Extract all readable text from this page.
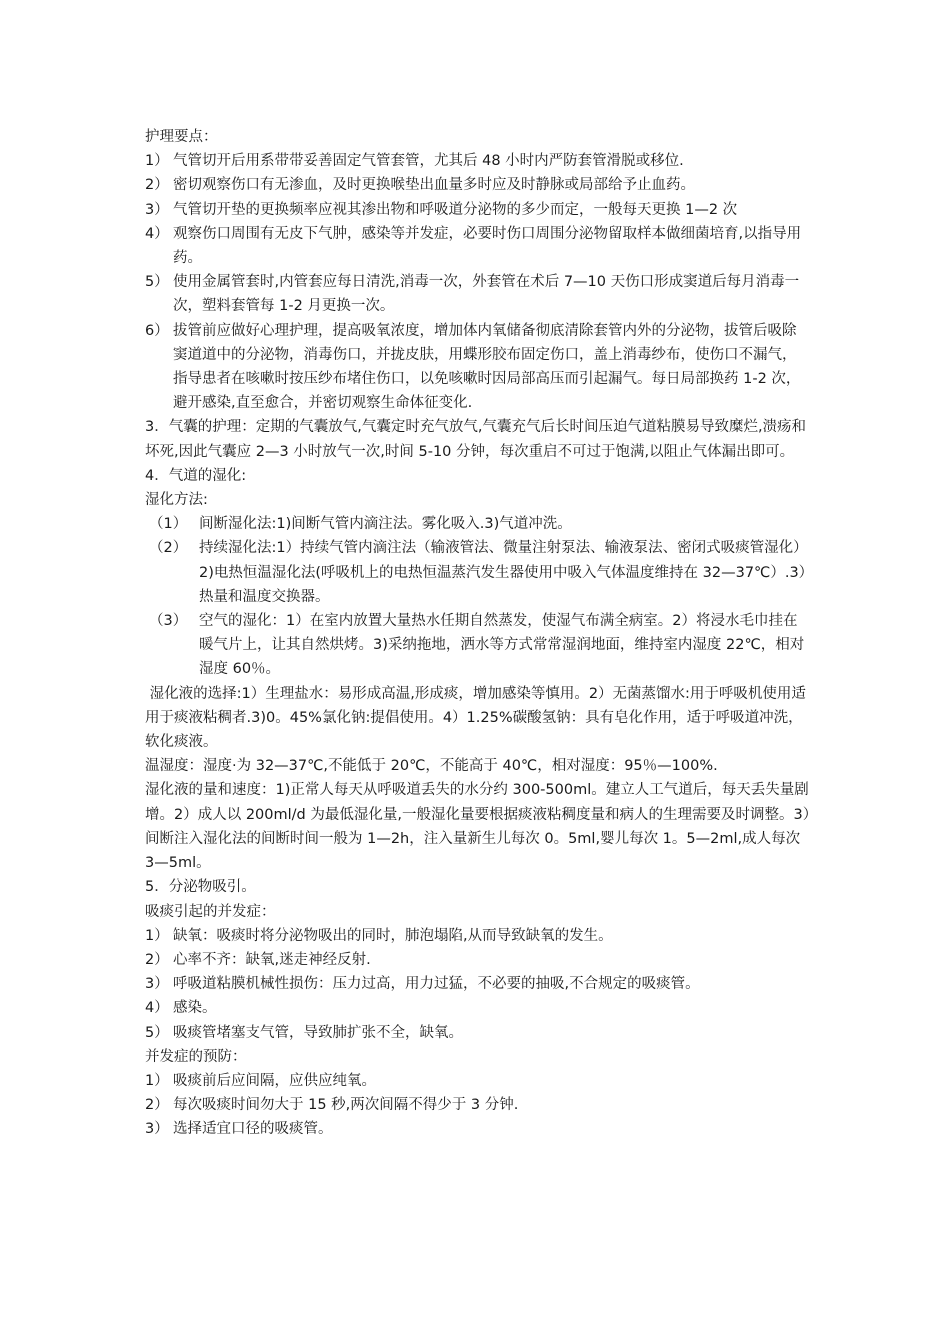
护理要点：
1） 气管切开后用系带带妥善固定气管套管，尤其后 48 小时内严防套管滑脱或移位.
2） 密切观察伤口有无渗血，及时更换喉垫出血量多时应及时静脉或局部给予止血药。
3） 气管切开垫的更换频率应视其渗出物和呼吸道分泌物的多少而定，一般每天更换 1—2 次
4） 观察伤口周围有无皮下气肿，感染等并发症，必要时伤口周围分泌物留取样本做细菌培育,以指导用药。
5） 使用金属管套时,内管套应每日清洗,消毒一次，外套管在术后 7—10 天伤口形成窦道后每月消毒一次，塑料套管每 1-2 月更换一次。
6） 拔管前应做好心理护理，提高吸氧浓度，增加体内氧储备彻底清除套管内外的分泌物，拔管后吸除窦道道中的分泌物，消毒伤口，并拢皮肤，用蝶形胶布固定伤口，盖上消毒纱布，使伤口不漏气，指导患者在咳嗽时按压纱布堵住伤口，以免咳嗽时因局部高压而引起漏气。每日局部换药 1-2 次，避开感染,直至愈合，并密切观察生命体征变化.
3．气囊的护理：定期的气囊放气,气囊定时充气放气,气囊充气后长时间压迫气道粘膜易导致糜烂,溃疡和坏死,因此气囊应 2—3 小时放气一次,时间 5-10 分钟，每次重启不可过于饱满,以阻止气体漏出即可。
4．气道的湿化:
湿化方法:
（1） 间断湿化法:1)间断气管内滴注法。雾化吸入.3)气道冲洗。
（2） 持续湿化法:1）持续气管内滴注法（输液管法、微量注射泵法、输液泵法、密闭式吸痰管湿化）2)电热恒温湿化法(呼吸机上的电热恒温蒸汽发生器使用中吸入气体温度维持在 32—37℃）.3）热量和温度交换器。
（3） 空气的湿化：1）在室内放置大量热水任期自然蒸发，使湿气布满全病室。2）将浸水毛巾挂在暖气片上，让其自然烘烤。3)采纳拖地，洒水等方式常常湿润地面，维持室内湿度 22℃，相对湿度 60％。
湿化液的选择:1）生理盐水：易形成高温,形成痰，增加感染等慎用。2）无菌蒸馏水:用于呼吸机使用适用于痰液粘稠者.3)0。45%氯化钠:提倡使用。4）1.25%碳酸氢钠：具有皂化作用，适于呼吸道冲洗，软化痰液。
温湿度：湿度·为 32—37℃,不能低于 20℃，不能高于 40℃，相对湿度：95％—100%.
湿化液的量和速度：1)正常人每天从呼吸道丢失的水分约 300-500ml。建立人工气道后，每天丢失量剧增。2）成人以 200ml/d 为最低湿化量,一般湿化量要根据痰液粘稠度量和病人的生理需要及时调整。3）间断注入湿化法的间断时间一般为 1—2h，注入量新生儿每次 0。5ml,婴儿每次 1。5—2ml,成人每次 3—5ml。
5．分泌物吸引。
吸痰引起的并发症：
1） 缺氧：吸痰时将分泌物吸出的同时，肺泡塌陷,从而导致缺氧的发生。
2） 心率不齐：缺氧,迷走神经反射.
3） 呼吸道粘膜机械性损伤：压力过高，用力过猛，不必要的抽吸,不合规定的吸痰管。
4） 感染。
5） 吸痰管堵塞支气管，导致肺扩张不全，缺氧。
并发症的预防：
1） 吸痰前后应间隔，应供应纯氧。
2） 每次吸痰时间勿大于 15 秒,两次间隔不得少于 3 分钟.
3） 选择适宜口径的吸痰管。
